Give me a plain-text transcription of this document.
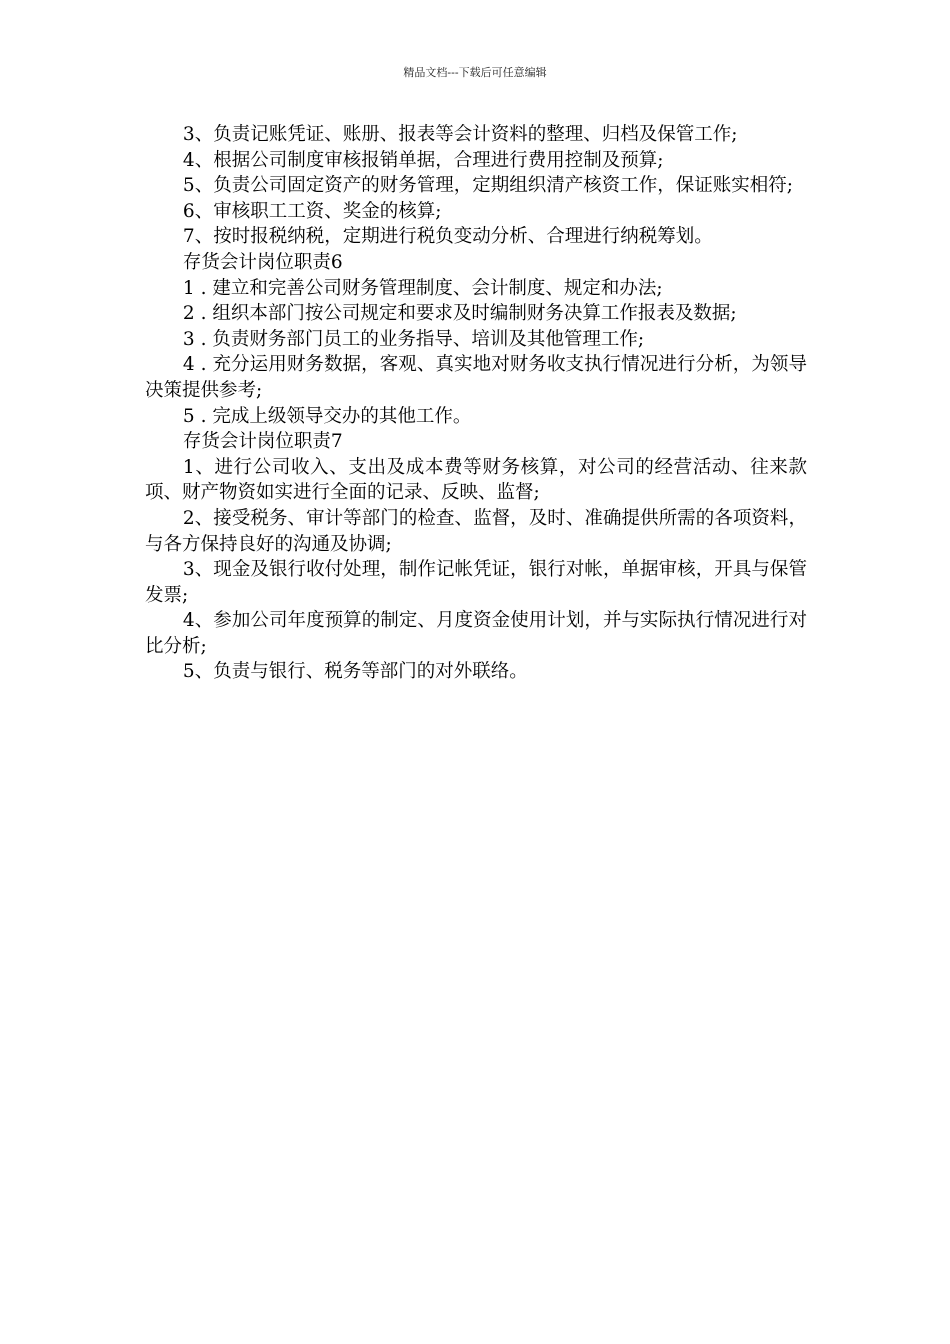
精品文档---下载后可任意编辑

3、负责记账凭证、账册、报表等会计资料的整理、归档及保管工作;

4、根据公司制度审核报销单据，合理进行费用控制及预算;

5、负责公司固定资产的财务管理，定期组织清产核资工作，保证账实相符;

6、审核职工工资、奖金的核算;

7、按时报税纳税，定期进行税负变动分析、合理进行纳税筹划。

存货会计岗位职责6

1 . 建立和完善公司财务管理制度、会计制度、规定和办法;

2 . 组织本部门按公司规定和要求及时编制财务决算工作报表及数据;

3 . 负责财务部门员工的业务指导、培训及其他管理工作;

4 . 充分运用财务数据，客观、真实地对财务收支执行情况进行分析，为领导决策提供参考;

5 . 完成上级领导交办的其他工作。

存货会计岗位职责7

1、进行公司收入、支出及成本费等财务核算，对公司的经营活动、往来款项、财产物资如实进行全面的记录、反映、监督;

2、接受税务、审计等部门的检查、监督，及时、准确提供所需的各项资料，与各方保持良好的沟通及协调;

3、现金及银行收付处理，制作记帐凭证，银行对帐，单据审核，开具与保管发票;

4、参加公司年度预算的制定、月度资金使用计划，并与实际执行情况进行对比分析;

5、负责与银行、税务等部门的对外联络。
